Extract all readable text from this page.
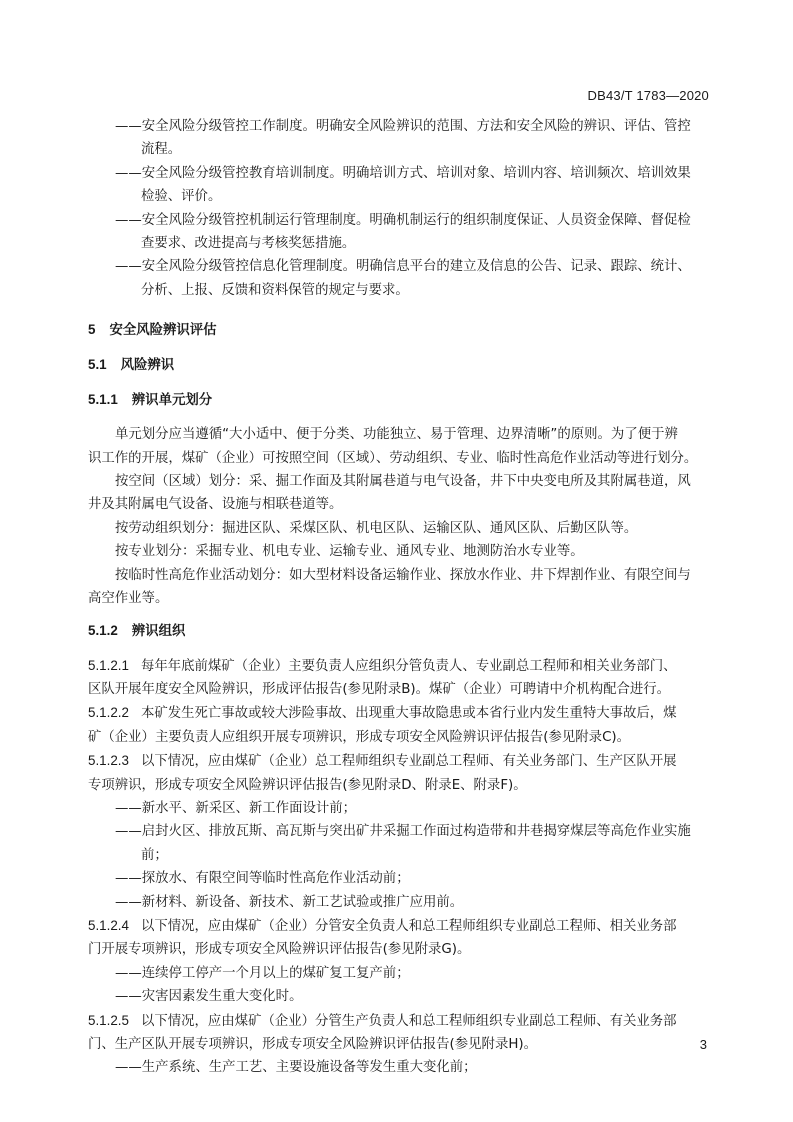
DB43/T 1783—2020
——安全风险分级管控工作制度。明确安全风险辨识的范围、方法和安全风险的辨识、评估、管控
流程。
——安全风险分级管控教育培训制度。明确培训方式、培训对象、培训内容、培训频次、培训效果
检验、评价。
——安全风险分级管控机制运行管理制度。明确机制运行的组织制度保证、人员资金保障、督促检
查要求、改进提高与考核奖惩措施。
——安全风险分级管控信息化管理制度。明确信息平台的建立及信息的公告、记录、跟踪、统计、
分析、上报、反馈和资料保管的规定与要求。
5 安全风险辨识评估
5.1 风险辨识
5.1.1 辨识单元划分
单元划分应当遵循“大小适中、便于分类、功能独立、易于管理、边界清晰”的原则。为了便于辨
识工作的开展，煤矿（企业）可按照空间（区域）、劳动组织、专业、临时性高危作业活动等进行划分。
按空间（区域）划分：采、掘工作面及其附属巷道与电气设备，井下中央变电所及其附属巷道，风
井及其附属电气设备、设施与相联巷道等。
按劳动组织划分：掘进区队、采煤区队、机电区队、运输区队、通风区队、后勤区队等。
按专业划分：采掘专业、机电专业、运输专业、通风专业、地测防治水专业等。
按临时性高危作业活动划分：如大型材料设备运输作业、探放水作业、井下焊割作业、有限空间与
高空作业等。
5.1.2 辨识组织
5.1.2.1 每年年底前煤矿（企业）主要负责人应组织分管负责人、专业副总工程师和相关业务部门、
区队开展年度安全风险辨识，形成评估报告(参见附录B)。煤矿（企业）可聘请中介机构配合进行。
5.1.2.2 本矿发生死亡事故或较大涉险事故、出现重大事故隐患或本省行业内发生重特大事故后，煤
矿（企业）主要负责人应组织开展专项辨识，形成专项安全风险辨识评估报告(参见附录C)。
5.1.2.3 以下情况，应由煤矿（企业）总工程师组织专业副总工程师、有关业务部门、生产区队开展
专项辨识，形成专项安全风险辨识评估报告(参见附录D、附录E、附录F)。
——新水平、新采区、新工作面设计前；
——启封火区、排放瓦斯、高瓦斯与突出矿井采掘工作面过构造带和井巷揭穿煤层等高危作业实施
前；
——探放水、有限空间等临时性高危作业活动前；
——新材料、新设备、新技术、新工艺试验或推广应用前。
5.1.2.4 以下情况，应由煤矿（企业）分管安全负责人和总工程师组织专业副总工程师、相关业务部
门开展专项辨识，形成专项安全风险辨识评估报告(参见附录G)。
——连续停工停产一个月以上的煤矿复工复产前；
——灾害因素发生重大变化时。
5.1.2.5 以下情况，应由煤矿（企业）分管生产负责人和总工程师组织专业副总工程师、有关业务部
门、生产区队开展专项辨识，形成专项安全风险辨识评估报告(参见附录H)。
——生产系统、生产工艺、主要设施设备等发生重大变化前；
3
